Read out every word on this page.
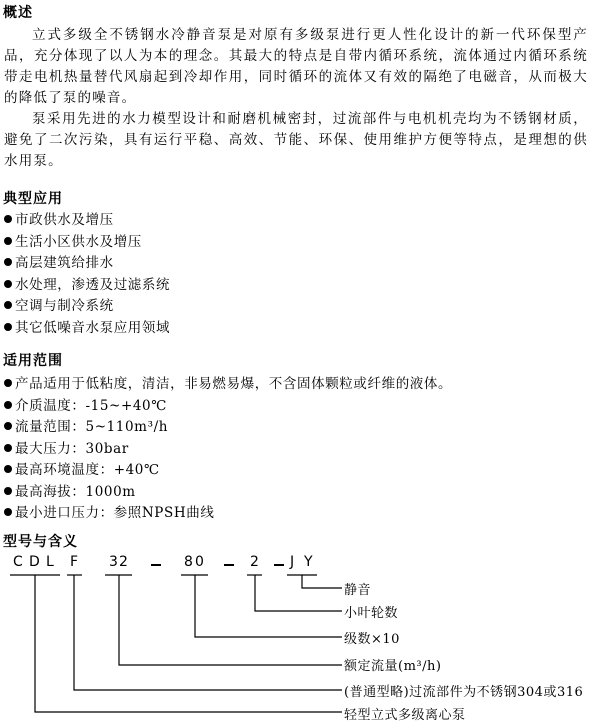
概述

立式多级全不锈钢水冷静音泵是对原有多级泵进行更人性化设计的新一代环保型产品，充分体现了以人为本的理念。其最大的特点是自带内循环系统，流体通过内循环系统带走电机热量替代风扇起到冷却作用，同时循环的流体又有效的隔绝了电磁音，从而极大的降低了泵的噪音。

泵采用先进的水力模型设计和耐磨机械密封，过流部件与电机机壳均为不锈钢材质，避免了二次污染，具有运行平稳、高效、节能、环保、使用维护方便等特点，是理想的供水用泵。

典型应用
市政供水及增压
生活小区供水及增压
高层建筑给排水
水处理，渗透及过滤系统
空调与制冷系统
其它低噪音水泵应用领域
适用范围
产品适用于低粘度，清洁，非易燃易爆，不含固体颗粒或纤维的液体。
介质温度：-15~+40℃
流量范围：5~110m³/h
最大压力：30bar
最高环境温度：+40℃
最高海拔：1000m
最小进口压力：参照NPSH曲线
型号与含义
C D L F 3 2	8 0	2 J Y
静音
小叶轮数
级数×10
额定流量(m³/h)
(普通型略)过流部件为不锈钢304或316
轻型立式多级离心泵
